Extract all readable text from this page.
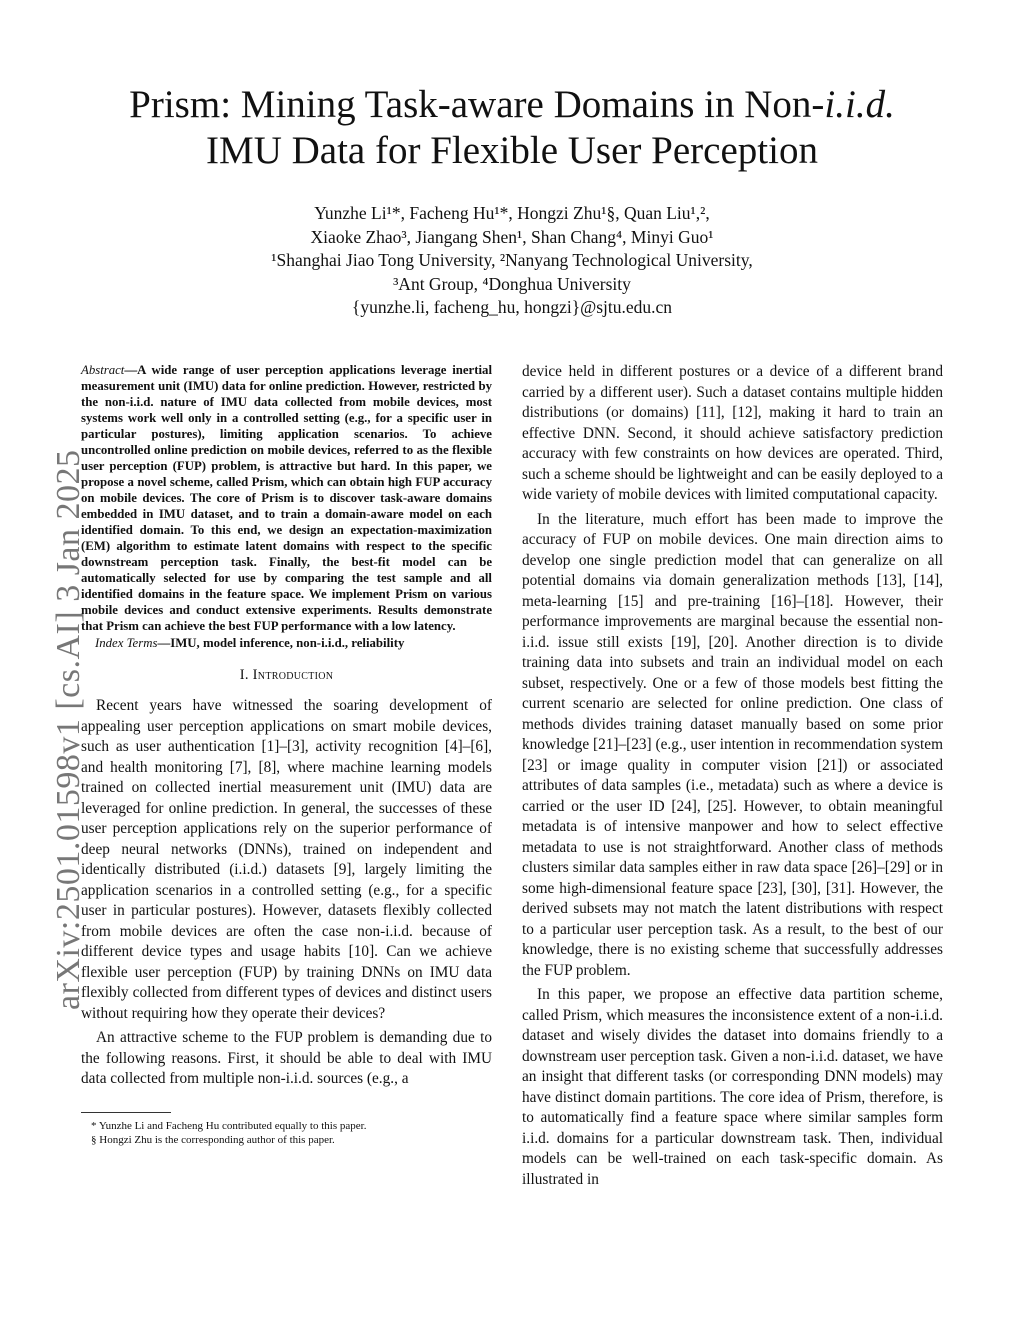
arXiv:2501.01598v1 [cs.AI] 3 Jan 2025
Prism: Mining Task-aware Domains in Non-i.i.d.
IMU Data for Flexible User Perception
Yunzhe Li¹*, Facheng Hu¹*, Hongzi Zhu¹§, Quan Liu¹,²,
Xiaoke Zhao³, Jiangang Shen¹, Shan Chang⁴, Minyi Guo¹
¹Shanghai Jiao Tong University, ²Nanyang Technological University,
³Ant Group, ⁴Donghua University
{yunzhe.li, facheng_hu, hongzi}@sjtu.edu.cn

Abstract—A wide range of user perception applications leverage inertial measurement unit (IMU) data for online prediction. However, restricted by the non-i.i.d. nature of IMU data collected from mobile devices, most systems work well only in a controlled setting (e.g., for a specific user in particular postures), limiting application scenarios. To achieve uncontrolled online prediction on mobile devices, referred to as the flexible user perception (FUP) problem, is attractive but hard. In this paper, we propose a novel scheme, called Prism, which can obtain high FUP accuracy on mobile devices. The core of Prism is to discover task-aware domains embedded in IMU dataset, and to train a domain-aware model on each identified domain. To this end, we design an expectation-maximization (EM) algorithm to estimate latent domains with respect to the specific downstream perception task. Finally, the best-fit model can be automatically selected for use by comparing the test sample and all identified domains in the feature space. We implement Prism on various mobile devices and conduct extensive experiments. Results demonstrate that Prism can achieve the best FUP performance with a low latency.

Index Terms—IMU, model inference, non-i.i.d., reliability

I. Introduction

Recent years have witnessed the soaring development of appealing user perception applications on smart mobile devices, such as user authentication [1]–[3], activity recognition [4]–[6], and health monitoring [7], [8], where machine learning models trained on collected inertial measurement unit (IMU) data are leveraged for online prediction. In general, the successes of these user perception applications rely on the superior performance of deep neural networks (DNNs), trained on independent and identically distributed (i.i.d.) datasets [9], largely limiting the application scenarios in a controlled setting (e.g., for a specific user in particular postures). However, datasets flexibly collected from mobile devices are often the case non-i.i.d. because of different device types and usage habits [10]. Can we achieve flexible user perception (FUP) by training DNNs on IMU data flexibly collected from different types of devices and distinct users without requiring how they operate their devices?

An attractive scheme to the FUP problem is demanding due to the following reasons. First, it should be able to deal with IMU data collected from multiple non-i.i.d. sources (e.g., a

* Yunzhe Li and Facheng Hu contributed equally to this paper.

§ Hongzi Zhu is the corresponding author of this paper.

device held in different postures or a device of a different brand carried by a different user). Such a dataset contains multiple hidden distributions (or domains) [11], [12], making it hard to train an effective DNN. Second, it should achieve satisfactory prediction accuracy with few constraints on how devices are operated. Third, such a scheme should be lightweight and can be easily deployed to a wide variety of mobile devices with limited computational capacity.

In the literature, much effort has been made to improve the accuracy of FUP on mobile devices. One main direction aims to develop one single prediction model that can generalize on all potential domains via domain generalization methods [13], [14], meta-learning [15] and pre-training [16]–[18]. However, their performance improvements are marginal because the essential non-i.i.d. issue still exists [19], [20]. Another direction is to divide training data into subsets and train an individual model on each subset, respectively. One or a few of those models best fitting the current scenario are selected for online prediction. One class of methods divides training dataset manually based on some prior knowledge [21]–[23] (e.g., user intention in recommendation system [23] or image quality in computer vision [21]) or associated attributes of data samples (i.e., metadata) such as where a device is carried or the user ID [24], [25]. However, to obtain meaningful metadata is of intensive manpower and how to select effective metadata to use is not straightforward. Another class of methods clusters similar data samples either in raw data space [26]–[29] or in some high-dimensional feature space [23], [30], [31]. However, the derived subsets may not match the latent distributions with respect to a particular user perception task. As a result, to the best of our knowledge, there is no existing scheme that successfully addresses the FUP problem.

In this paper, we propose an effective data partition scheme, called Prism, which measures the inconsistence extent of a non-i.i.d. dataset and wisely divides the dataset into domains friendly to a downstream user perception task. Given a non-i.i.d. dataset, we have an insight that different tasks (or corresponding DNN models) may have distinct domain partitions. The core idea of Prism, therefore, is to automatically find a feature space where similar samples form i.i.d. domains for a particular downstream task. Then, individual models can be well-trained on each task-specific domain. As illustrated in
